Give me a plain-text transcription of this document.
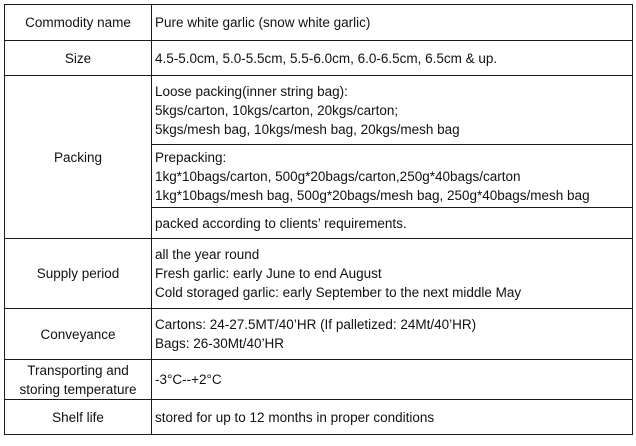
Commodity name	Pure white garlic (snow white garlic)
Size	4.5-5.0cm, 5.0-5.5cm, 5.5-6.0cm, 6.0-6.5cm, 6.5cm & up.
Packing	Loose packing(inner string bag):
5kgs/carton, 10kgs/carton, 20kgs/carton;
5kgs/mesh bag, 10kgs/mesh bag, 20kgs/mesh bag

	Prepacking:
1kg*10bags/carton, 500g*20bags/carton,250g*40bags/carton
1kg*10bags/mesh bag, 500g*20bags/mesh bag, 250g*40bags/mesh bag

	packed according to clients’ requirements.
Supply period	all the year round
Fresh garlic: early June to end August
Cold storaged garlic: early September to the next middle May

Conveyance	Cartons: 24-27.5MT/40’HR (If palletized: 24Mt/40’HR)
Bags: 26-30Mt/40’HR

Transporting and storing temperature	-3°C--+2°C
Shelf life	stored for up to 12 months in proper conditions
